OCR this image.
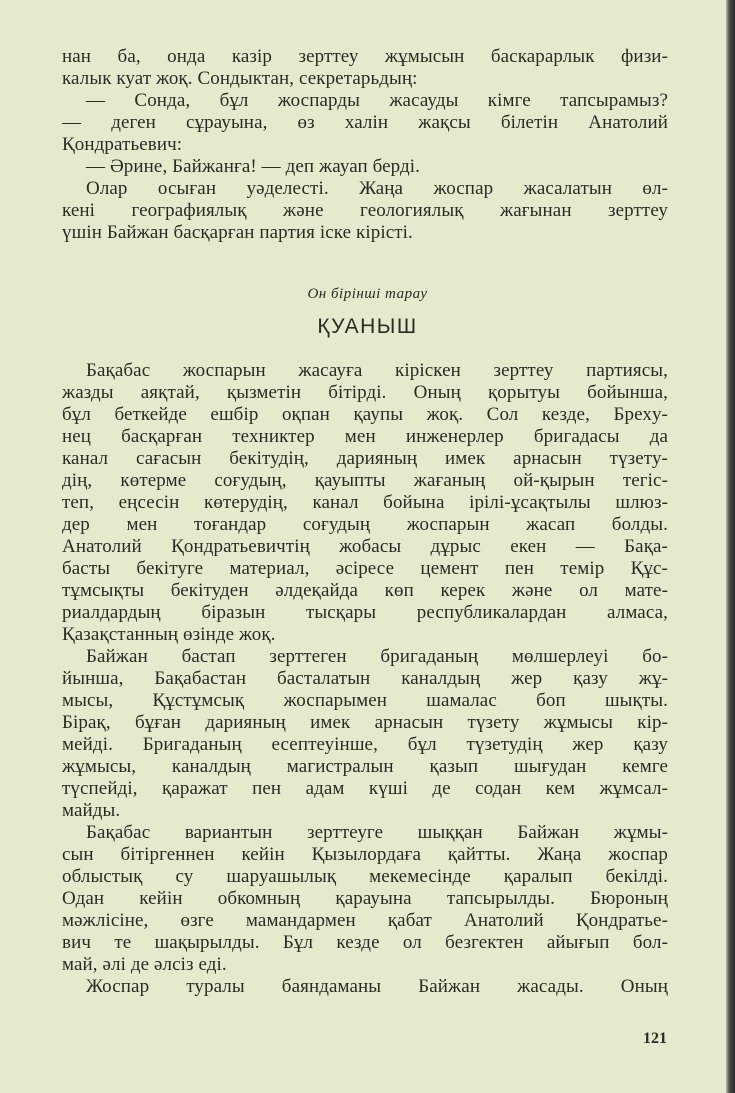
нан ба, онда казір зерттеу жұмысын баскарарлык физи-
калык куат жоқ. Сондыктан, секретарьдың:
— Сонда, бұл жоспарды жасауды кімге тапсырамыз?
— деген сұрауына, өз халін жақсы білетін Анатолий
Қондратьевич:
— Әрине, Байжанға! — деп жауап берді.
Олар осыған уәделесті. Жаңа жоспар жасалатын өл-
кені географиялық және геологиялық жағынан зерттеу
үшін Байжан басқарған партия іске кірісті.
Он бірінші тарау
ҚУАНЫШ
Бақабас жоспарын жасауға кіріскен зерттеу партиясы,
жазды аяқтай, қызметін бітірді. Оның қорытуы бойынша,
бұл беткейде ешбір оқпан қаупы жоқ. Сол кезде, Брехy-
нец басқарған техниктер мен инженерлер бригадасы да
канал сағасын бекітудің, дарияның имек арнасын түзету-
дің, көтерме соғудың, қауыпты жағаның ой-қырын тегіс-
теп, еңсесін көтерудің, канал бойына ірілі-ұсақтылы шлюз-
дер мен тоғандар соғудың жоспарын жасап болды.
Анатолий Қондратьевичтің жобасы дұрыс екен — Бақа-
басты бекітуге материал, әсіресе цемент пен темір Құс-
тұмсықты бекітуден әлдеқайда көп керек және ол мате-
риалдардың біразын тысқары республикалардан алмаса,
Қазақстанның өзінде жоқ.
Байжан бастап зерттеген бригаданың мөлшерлеуі бо-
йынша, Бақабастан басталатын каналдың жер қазу жұ-
мысы, Құстұмсық жоспарымен шамалас боп шықты.
Бірақ, бұған дарияның имек арнасын түзету жұмысы кір-
мейді. Бригаданың есептеуінше, бұл түзетудің жер қазу
жұмысы, каналдың магистралын қазып шығудан кемге
түспейді, қаражат пен адам күші де содан кем жұмсал-
майды.
Бақабас вариантын зерттеуге шыққан Байжан жұмы-
сын бітіргеннен кейін Қызылордаға қайтты. Жаңа жоспар
облыстық су шаруашылық мекемесінде қаралып бекілді.
Одан кейін обкомның қарауына тапсырылды. Бюроның
мәжлісіне, өзге мамандармен қабат Анатолий Қондратье-
вич те шақырылды. Бұл кезде ол безгектен айығып бол-
май, әлі де әлсіз еді.
Жоспар туралы баяндаманы Байжан жасады. Оның
121
